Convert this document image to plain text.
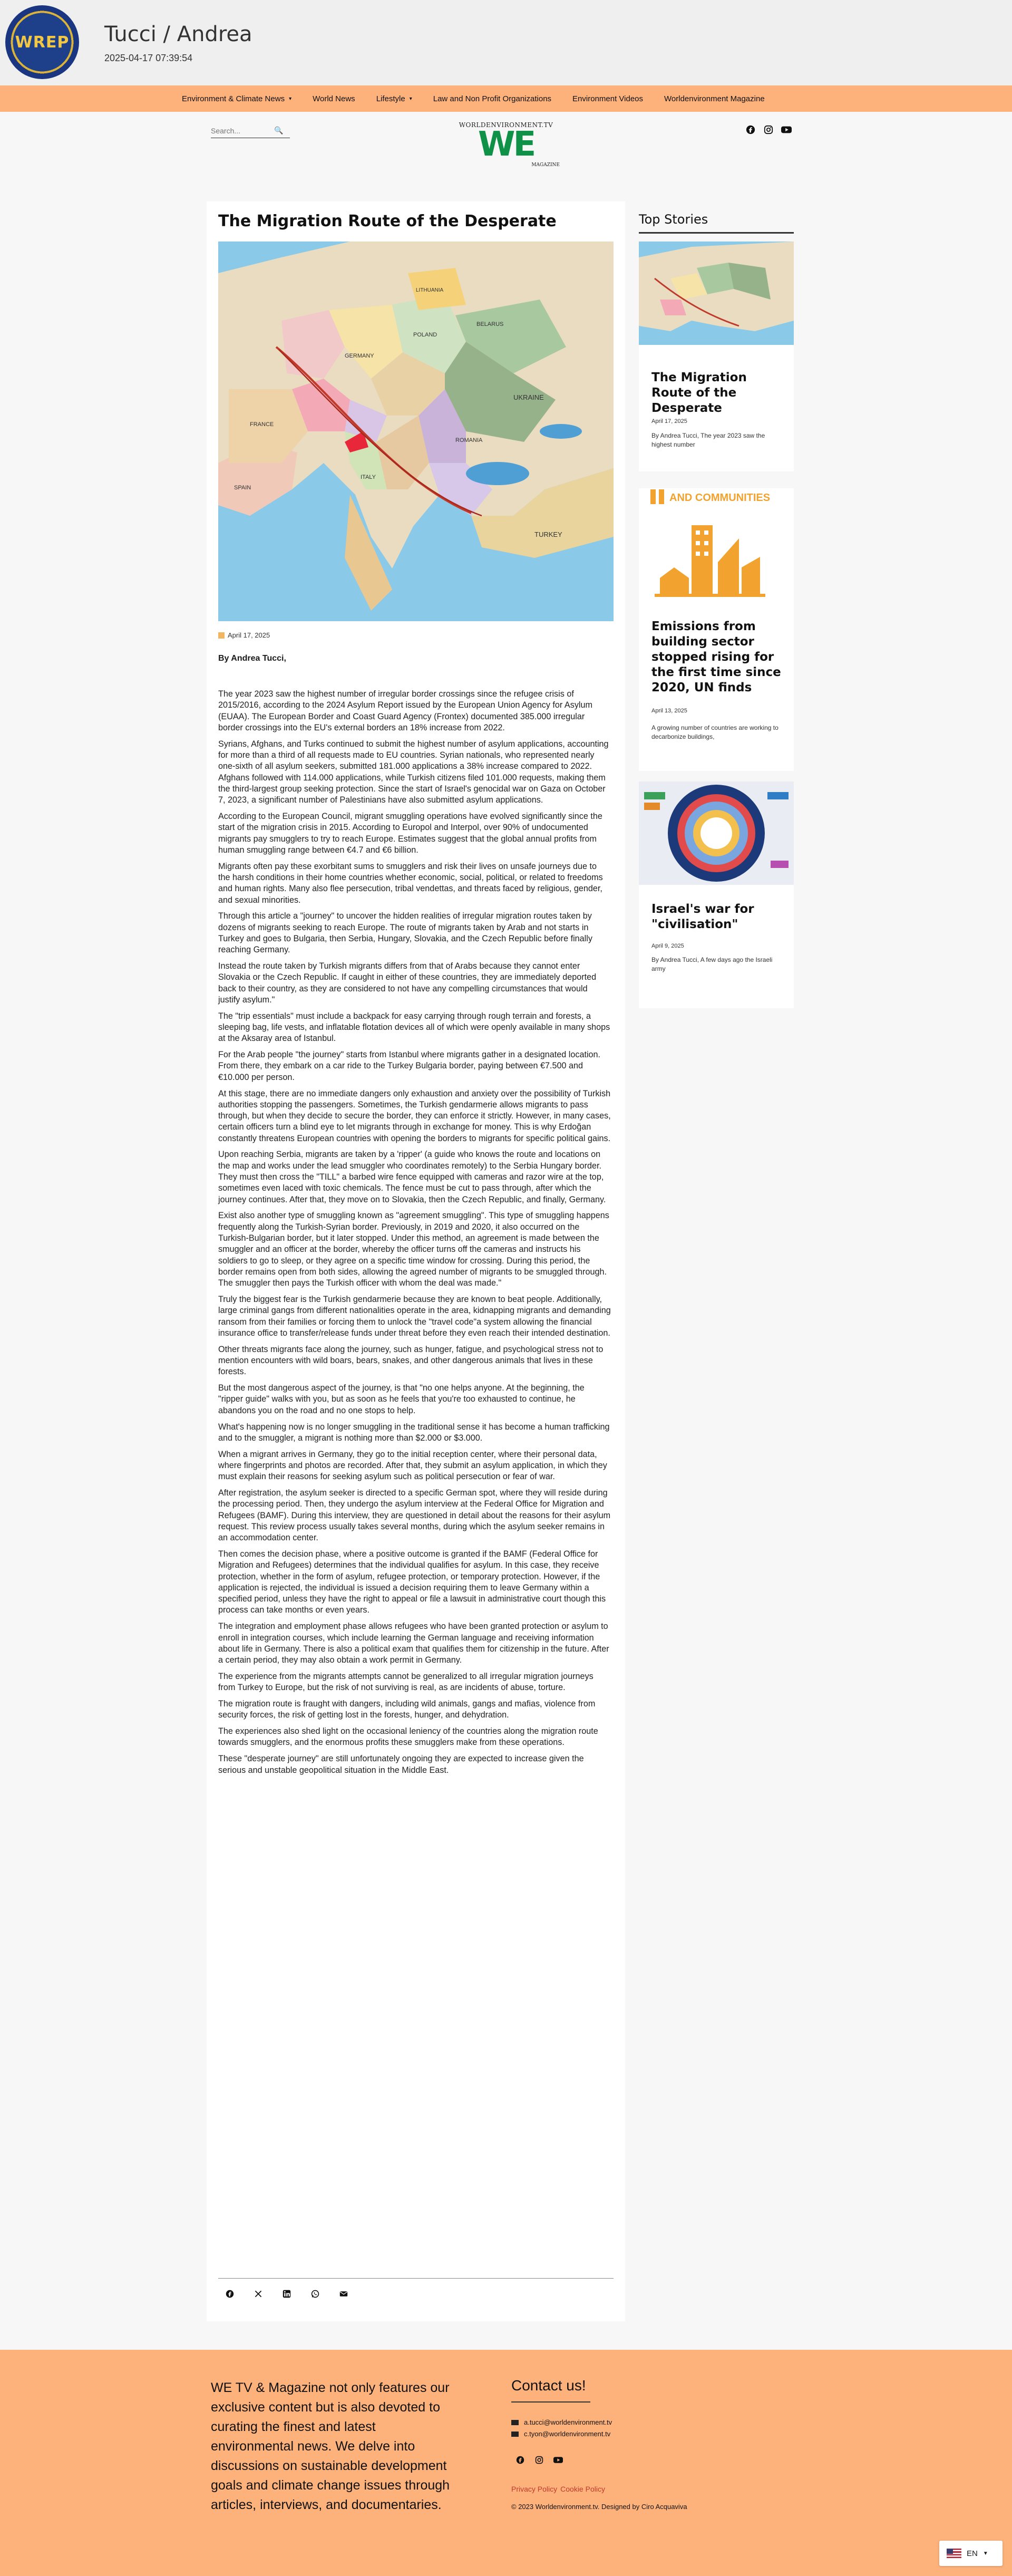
WREP Tucci / Andrea
2025-04-17 07:39:54
Environment & Climate News ▾	World News	Lifestyle ▾	Law and Non Profit Organizations	Environment Videos	Worldenvironment Magazine
Search...
🔍
WORLDENVIRONMENT.TV
WE
MAGAZINE
The Migration Route of the Desperate
TURKEY
UKRAINE
POLAND
GERMANY
ROMANIA
FRANCE
LITHUANIA
ITALY
SPAIN
BELARUS
April 17, 2025
By Andrea Tucci,

The year 2023 saw the highest number of irregular border crossings since the refugee crisis of 2015/2016, according to the 2024 Asylum Report issued by the European Union Agency for Asylum (EUAA). The European Border and Coast Guard Agency (Frontex) documented 385.000 irregular border crossings into the EU's external borders an 18% increase from 2022.

Syrians, Afghans, and Turks continued to submit the highest number of asylum applications, accounting for more than a third of all requests made to EU countries. Syrian nationals, who represented nearly one-sixth of all asylum seekers, submitted 181.000 applications a 38% increase compared to 2022. Afghans followed with 114.000 applications, while Turkish citizens filed 101.000 requests, making them the third-largest group seeking protection. Since the start of Israel's genocidal war on Gaza on October 7, 2023, a significant number of Palestinians have also submitted asylum applications.

According to the European Council, migrant smuggling operations have evolved significantly since the start of the migration crisis in 2015. According to Europol and Interpol, over 90% of undocumented migrants pay smugglers to try to reach Europe. Estimates suggest that the global annual profits from human smuggling range between €4.7 and €6 billion.

Migrants often pay these exorbitant sums to smugglers and risk their lives on unsafe journeys due to the harsh conditions in their home countries whether economic, social, political, or related to freedoms and human rights. Many also flee persecution, tribal vendettas, and threats faced by religious, gender, and sexual minorities.

Through this article a "journey" to uncover the hidden realities of irregular migration routes taken by dozens of migrants seeking to reach Europe. The route of migrants taken by Arab and not starts in Turkey and goes to Bulgaria, then Serbia, Hungary, Slovakia, and the Czech Republic before finally reaching Germany.

Instead the route taken by Turkish migrants differs from that of Arabs because they cannot enter Slovakia or the Czech Republic. If caught in either of these countries, they are immediately deported back to their country, as they are considered to not have any compelling circumstances that would justify asylum."

The "trip essentials" must include a backpack for easy carrying through rough terrain and forests, a sleeping bag, life vests, and inflatable flotation devices all of which were openly available in many shops at the Aksaray area of Istanbul.

For the Arab people "the journey" starts from Istanbul where migrants gather in a designated location. From there, they embark on a car ride to the Turkey Bulgaria border, paying between €7.500 and €10.000 per person.

At this stage, there are no immediate dangers only exhaustion and anxiety over the possibility of Turkish authorities stopping the passengers. Sometimes, the Turkish gendarmerie allows migrants to pass through, but when they decide to secure the border, they can enforce it strictly. However, in many cases, certain officers turn a blind eye to let migrants through in exchange for money. This is why Erdoğan constantly threatens European countries with opening the borders to migrants for specific political gains.

Upon reaching Serbia, migrants are taken by a 'ripper' (a guide who knows the route and locations on the map and works under the lead smuggler who coordinates remotely) to the Serbia Hungary border. They must then cross the "TILL" a barbed wire fence equipped with cameras and razor wire at the top, sometimes even laced with toxic chemicals. The fence must be cut to pass through, after which the journey continues. After that, they move on to Slovakia, then the Czech Republic, and finally, Germany.

Exist also another type of smuggling known as "agreement smuggling". This type of smuggling happens frequently along the Turkish-Syrian border. Previously, in 2019 and 2020, it also occurred on the Turkish-Bulgarian border, but it later stopped. Under this method, an agreement is made between the smuggler and an officer at the border, whereby the officer turns off the cameras and instructs his soldiers to go to sleep, or they agree on a specific time window for crossing. During this period, the border remains open from both sides, allowing the agreed number of migrants to be smuggled through. The smuggler then pays the Turkish officer with whom the deal was made."

Truly the biggest fear is the Turkish gendarmerie because they are known to beat people. Additionally, large criminal gangs from different nationalities operate in the area, kidnapping migrants and demanding ransom from their families or forcing them to unlock the "travel code"a system allowing the financial insurance office to transfer/release funds under threat before they even reach their intended destination.

Other threats migrants face along the journey, such as hunger, fatigue, and psychological stress not to mention encounters with wild boars, bears, snakes, and other dangerous animals that lives in these forests.

But the most dangerous aspect of the journey, is that "no one helps anyone. At the beginning, the "ripper guide" walks with you, but as soon as he feels that you're too exhausted to continue, he abandons you on the road and no one stops to help.

What's happening now is no longer smuggling in the traditional sense it has become a human trafficking and to the smuggler, a migrant is nothing more than $2.000 or $3.000.

When a migrant arrives in Germany, they go to the initial reception center, where their personal data, where fingerprints and photos are recorded. After that, they submit an asylum application, in which they must explain their reasons for seeking asylum such as political persecution or fear of war.

After registration, the asylum seeker is directed to a specific German spot, where they will reside during the processing period. Then, they undergo the asylum interview at the Federal Office for Migration and Refugees (BAMF). During this interview, they are questioned in detail about the reasons for their asylum request. This review process usually takes several months, during which the asylum seeker remains in an accommodation center.

Then comes the decision phase, where a positive outcome is granted if the BAMF (Federal Office for Migration and Refugees) determines that the individual qualifies for asylum. In this case, they receive protection, whether in the form of asylum, refugee protection, or temporary protection. However, if the application is rejected, the individual is issued a decision requiring them to leave Germany within a specified period, unless they have the right to appeal or file a lawsuit in administrative court though this process can take months or even years.

The integration and employment phase allows refugees who have been granted protection or asylum to enroll in integration courses, which include learning the German language and receiving information about life in Germany. There is also a political exam that qualifies them for citizenship in the future. After a certain period, they may also obtain a work permit in Germany.

The experience from the migrants attempts cannot be generalized to all irregular migration journeys from Turkey to Europe, but the risk of not surviving is real, as are incidents of abuse, torture.

The migration route is fraught with dangers, including wild animals, gangs and mafias, violence from security forces, the risk of getting lost in the forests, hunger, and dehydration.

The experiences also shed light on the occasional leniency of the countries along the migration route towards smugglers, and the enormous profits these smugglers make from these operations.

These "desperate journey" are still unfortunately ongoing they are expected to increase given the serious and unstable geopolitical situation in the Middle East.

Top Stories
The Migration Route of the Desperate
April 17, 2025
By Andrea Tucci, The year 2023 saw the highest number
AND COMMUNITIES
Emissions from building sector stopped rising for the first time since 2020, UN finds
April 13, 2025
A growing number of countries are working to decarbonize buildings,
Israel's war for "civilisation"
April 9, 2025
By Andrea Tucci, A few days ago the Israeli army
WE TV & Magazine not only features our exclusive content but is also devoted to curating the finest and latest environmental news. We delve into discussions on sustainable development goals and climate change issues through articles, interviews, and documentaries.
Contact us!
a.tucci@worldenvironment.tv
c.tyon@worldenvironment.tv
Privacy Policy Cookie Policy
© 2023 Worldenvironment.tv. Designed by Ciro Acquaviva
EN ▼
